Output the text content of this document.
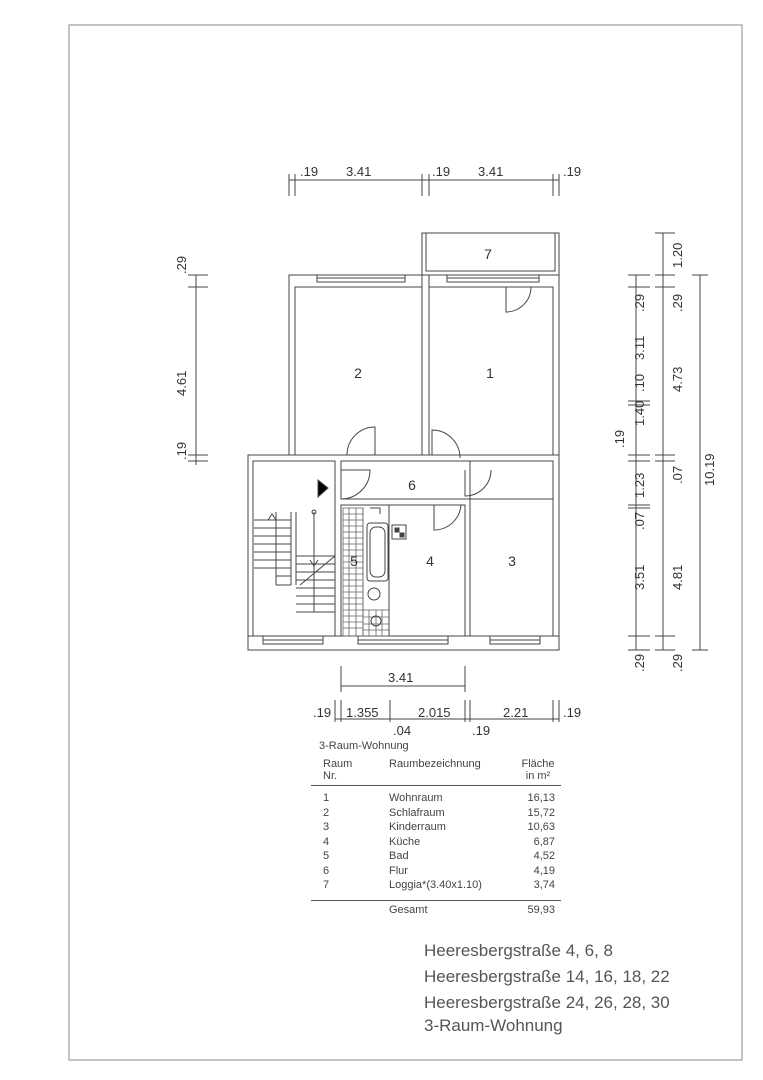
1
2
3
4
5
6
7
.19 3.41	.19 3.41	.19
.29
4.61
.19
.29
3.11
.10
1.40
.19
1.23
.07
3.51
.29
1.20
.29
4.73
.07
4.81
.29
10.19
3.41
.19 1.355	2.015	2.21	.19
.04	.19
3-Raum-Wohnung
Raum
Nr.
Raumbezeichnung	Fläche
in m²
1	Wohnraum	16,13
2	Schlafraum	15,72
3	Kinderraum	10,63
4	Küche	6,87
5	Bad	4,52
6	Flur	4,19
7	Loggia*(3.40x1.10)	3,74
Gesamt	59,93
Heeresbergstraße 4, 6, 8
Heeresbergstraße 14, 16, 18, 22
Heeresbergstraße 24, 26, 28, 30
3-Raum-Wohnung
